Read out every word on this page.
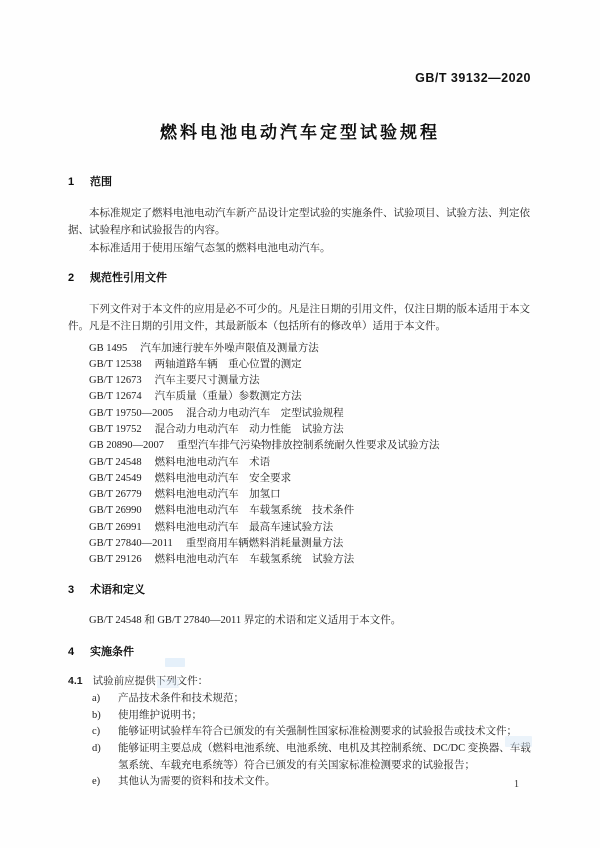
GB/T 39132—2020
燃料电池电动汽车定型试验规程
1 范围

本标准规定了燃料电池电动汽车新产品设计定型试验的实施条件、试验项目、试验方法、判定依据、试验程序和试验报告的内容。

本标准适用于使用压缩气态氢的燃料电池电动汽车。

2 规范性引用文件

下列文件对于本文件的应用是必不可少的。凡是注日期的引用文件，仅注日期的版本适用于本文件。凡是不注日期的引用文件，其最新版本（包括所有的修改单）适用于本文件。

GB 1495 汽车加速行驶车外噪声限值及测量方法
GB/T 12538 两轴道路车辆　重心位置的测定
GB/T 12673 汽车主要尺寸测量方法
GB/T 12674 汽车质量（重量）参数测定方法
GB/T 19750—2005 混合动力电动汽车　定型试验规程
GB/T 19752 混合动力电动汽车　动力性能　试验方法
GB 20890—2007 重型汽车排气污染物排放控制系统耐久性要求及试验方法
GB/T 24548 燃料电池电动汽车　术语
GB/T 24549 燃料电池电动汽车　安全要求
GB/T 26779 燃料电池电动汽车　加氢口
GB/T 26990 燃料电池电动汽车　车载氢系统　技术条件
GB/T 26991 燃料电池电动汽车　最高车速试验方法
GB/T 27840—2011 重型商用车辆燃料消耗量测量方法
GB/T 29126 燃料电池电动汽车　车载氢系统　试验方法
3 术语和定义

GB/T 24548 和 GB/T 27840—2011 界定的术语和定义适用于本文件。

4 实施条件
4.1 试验前应提供下列文件：
a) 产品技术条件和技术规范；
b) 使用维护说明书；
c) 能够证明试验样车符合已颁发的有关强制性国家标准检测要求的试验报告或技术文件；
d) 能够证明主要总成（燃料电池系统、电池系统、电机及其控制系统、DC/DC 变换器、车载氢系统、车载充电系统等）符合已颁发的有关国家标准检测要求的试验报告；
e) 其他认为需要的资料和技术文件。	1
